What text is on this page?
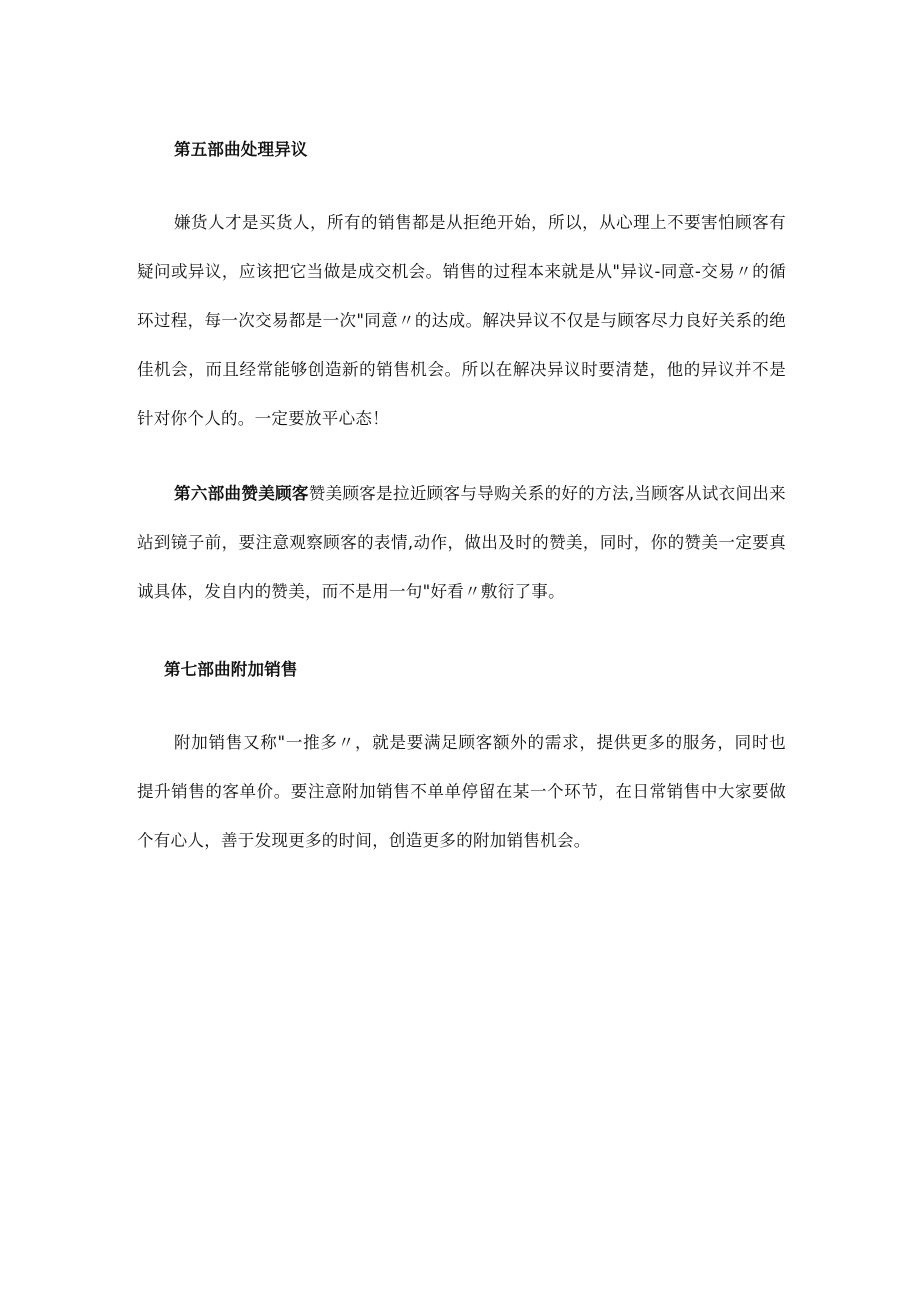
第五部曲处理异议
嫌货人才是买货人，所有的销售都是从拒绝开始，所以，从心理上不要害怕顾客有疑问或异议，应该把它当做是成交机会。销售的过程本来就是从"异议-同意-交易〃的循环过程，每一次交易都是一次"同意〃的达成。解决异议不仅是与顾客尽力良好关系的绝佳机会，而且经常能够创造新的销售机会。所以在解决异议时要清楚，他的异议并不是针对你个人的。一定要放平心态！
第六部曲赞美顾客赞美顾客是拉近顾客与导购关系的好的方法,当顾客从试衣间出来站到镜子前，要注意观察顾客的表情,动作，做出及时的赞美，同时，你的赞美一定要真诚具体，发自内的赞美，而不是用一句"好看〃敷衍了事。
第七部曲附加销售
附加销售又称"一推多〃，就是要满足顾客额外的需求，提供更多的服务，同时也提升销售的客单价。要注意附加销售不单单停留在某一个环节，在日常销售中大家要做个有心人，善于发现更多的时间，创造更多的附加销售机会。
